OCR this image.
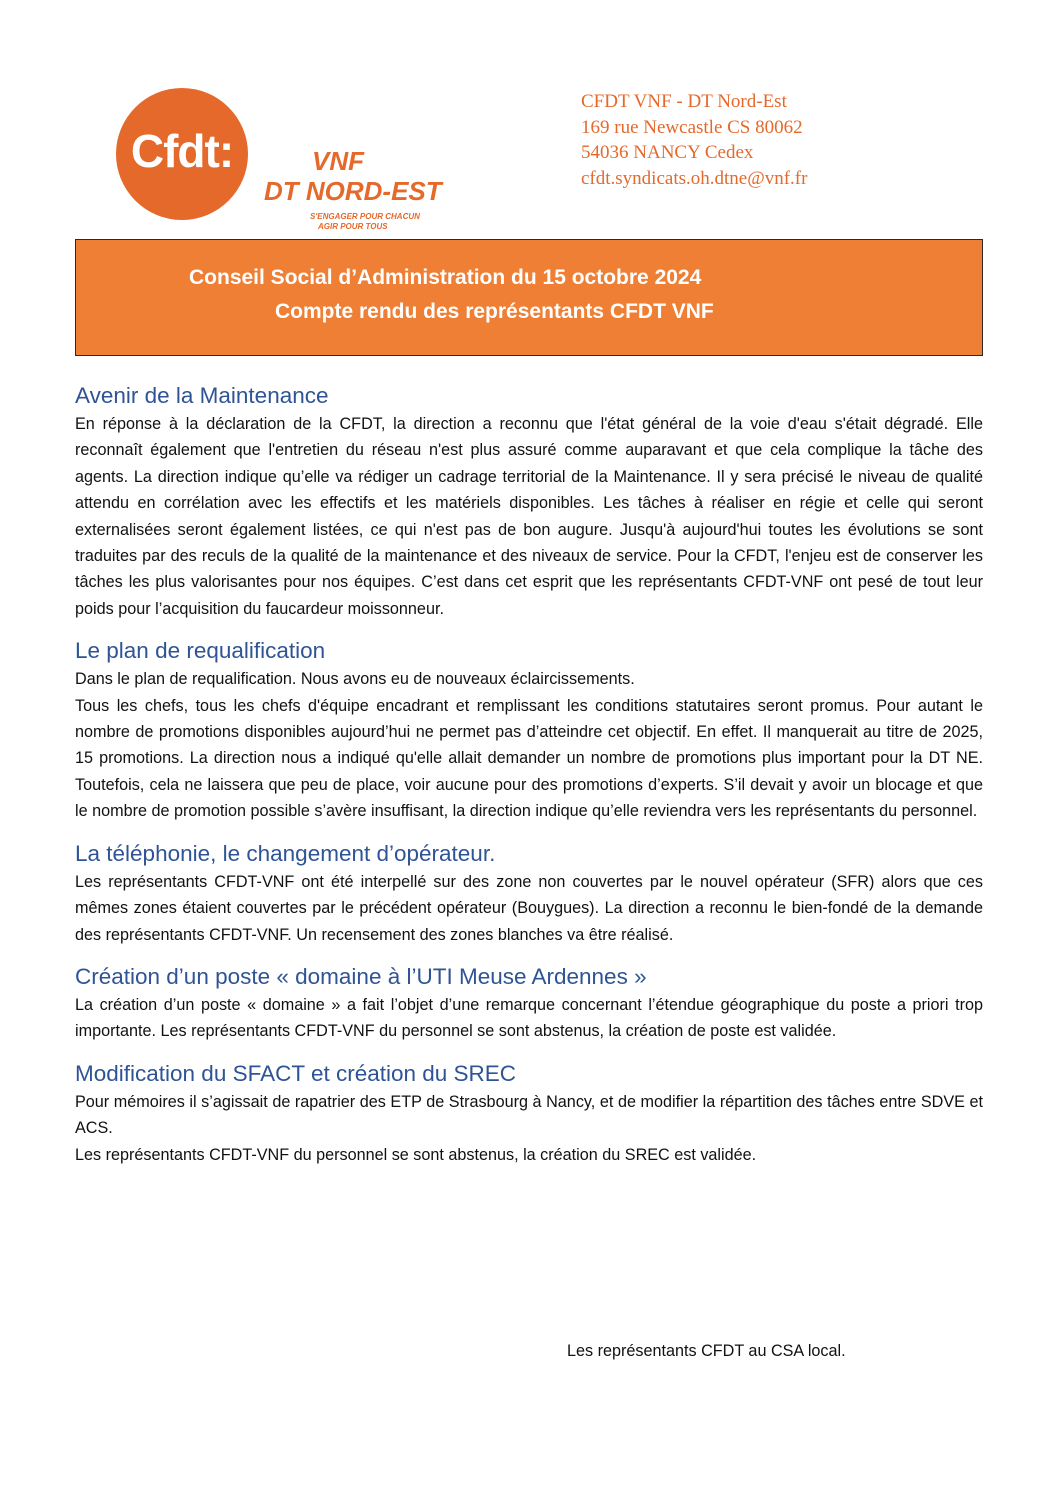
Cfdt:	VNF
DT NORD-EST
S'ENGAGER POUR CHACUN
AGIR POUR TOUS
CFDT VNF - DT Nord-Est
169 rue Newcastle CS 80062
54036 NANCY Cedex
cfdt.syndicats.oh.dtne@vnf.fr
Conseil Social d’Administration du 15 octobre 2024
Compte rendu des représentants CFDT VNF
Avenir de la Maintenance

En réponse à la déclaration de la CFDT, la direction a reconnu que l'état général de la voie d'eau s'était dégradé. Elle reconnaît également que l'entretien du réseau n'est plus assuré comme auparavant et que cela complique la tâche des agents. La direction indique qu’elle va rédiger un cadrage territorial de la Maintenance. Il y sera précisé le niveau de qualité attendu en corrélation avec les effectifs et les matériels disponibles. Les tâches à réaliser en régie et celle qui seront externalisées seront également listées, ce qui n'est pas de bon augure. Jusqu'à aujourd'hui toutes les évolutions se sont traduites par des reculs de la qualité de la maintenance et des niveaux de service. Pour la CFDT, l'enjeu est de conserver les tâches les plus valorisantes pour nos équipes. C’est dans cet esprit que les représentants CFDT-VNF ont pesé de tout leur poids pour l’acquisition du faucardeur moissonneur.

Le plan de requalification

Dans le plan de requalification. Nous avons eu de nouveaux éclaircissements.

Tous les chefs, tous les chefs d'équipe encadrant et remplissant les conditions statutaires seront promus. Pour autant le nombre de promotions disponibles aujourd’hui ne permet pas d’atteindre cet objectif. En effet. Il manquerait au titre de 2025, 15 promotions. La direction nous a indiqué qu'elle allait demander un nombre de promotions plus important pour la DT NE. Toutefois, cela ne laissera que peu de place, voir aucune pour des promotions d’experts. S’il devait y avoir un blocage et que le nombre de promotion possible s’avère insuffisant, la direction indique qu’elle reviendra vers les représentants du personnel.

La téléphonie, le changement d’opérateur.

Les représentants CFDT-VNF ont été interpellé sur des zone non couvertes par le nouvel opérateur (SFR) alors que ces mêmes zones étaient couvertes par le précédent opérateur (Bouygues). La direction a reconnu le bien-fondé de la demande des représentants CFDT-VNF. Un recensement des zones blanches va être réalisé.

Création d’un poste « domaine à l’UTI Meuse Ardennes »

La création d’un poste « domaine » a fait l’objet d’une remarque concernant l’étendue géographique du poste a priori trop importante. Les représentants CFDT-VNF du personnel se sont abstenus, la création de poste est validée.

Modification du SFACT et création du SREC

Pour mémoires il s’agissait de rapatrier des ETP de Strasbourg à Nancy, et de modifier la répartition des tâches entre SDVE et ACS.

Les représentants CFDT-VNF du personnel se sont abstenus, la création du SREC est validée.

Les représentants CFDT au CSA local.
